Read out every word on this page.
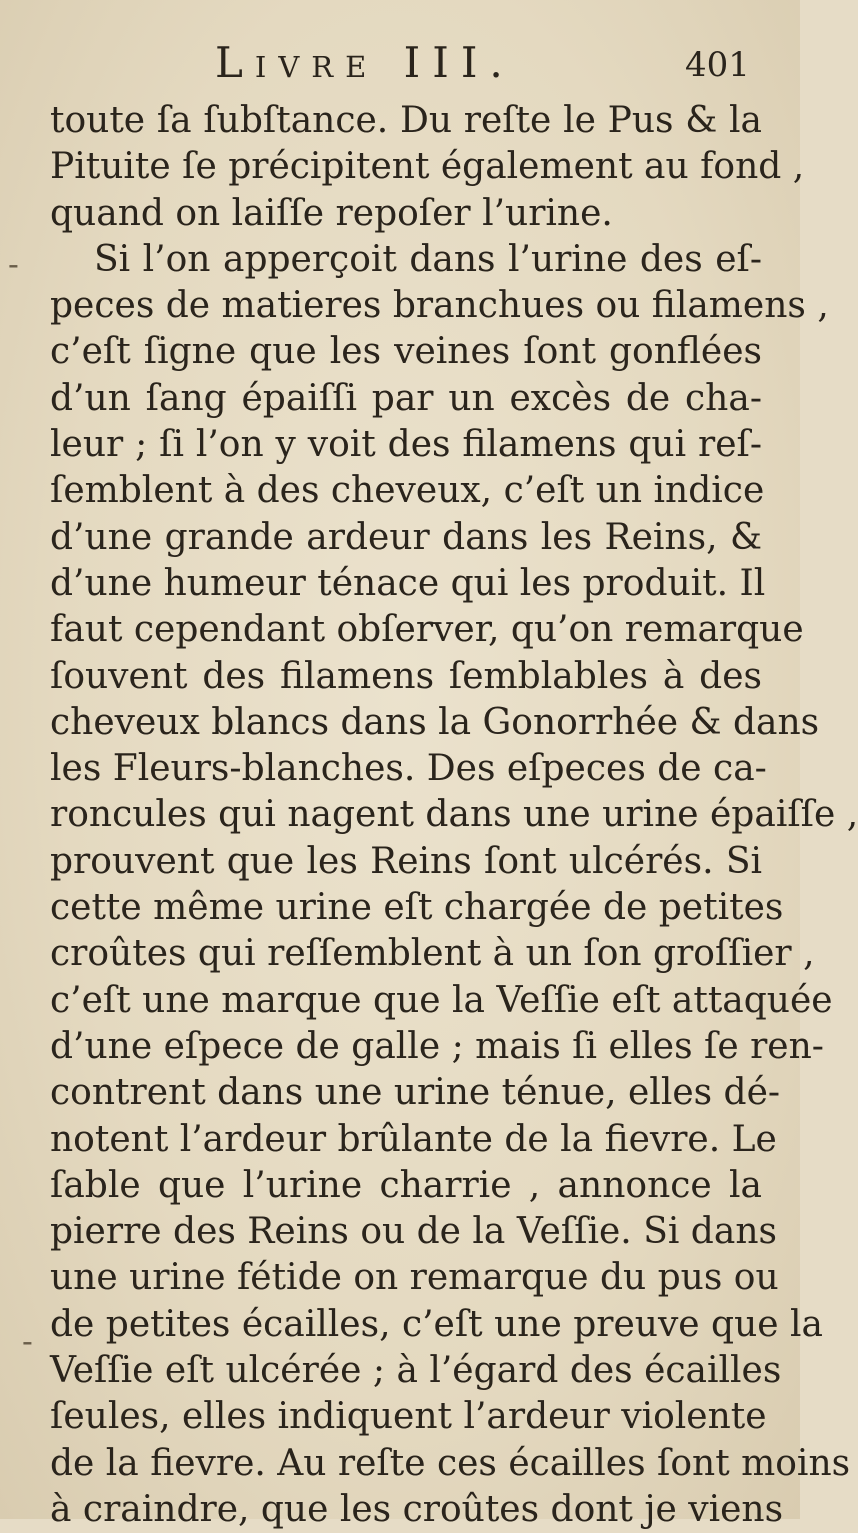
Livre III.	401
-
-
toute ſa ſubſtance. Du reſte le Pus & la
Pituite ſe précipitent également au fond ,
quand on laiſſe repoſer l’urine.
Si l’on apperçoit dans l’urine des eſ-
peces de matieres branchues ou filamens ,
c’eſt ſigne que les veines ſont gonflées
d’un ſang épaiſſi par un excès de cha-
leur ; ſi l’on y voit des filamens qui reſ-
ſemblent à des cheveux, c’eſt un indice
d’une grande ardeur dans les Reins, &
d’une humeur ténace qui les produit. Il
faut cependant obſerver, qu’on remarque
ſouvent des filamens ſemblables à des
cheveux blancs dans la Gonorrhée & dans
les Fleurs-blanches. Des eſpeces de ca-
roncules qui nagent dans une urine épaiſſe ,
prouvent que les Reins ſont ulcérés. Si
cette même urine eſt chargée de petites
croûtes qui reſſemblent à un ſon groſſier ,
c’eſt une marque que la Veſſie eſt attaquée
d’une eſpece de galle ; mais ſi elles ſe ren-
contrent dans une urine ténue, elles dé-
notent l’ardeur brûlante de la fievre. Le
ſable que l’urine charrie , annonce la
pierre des Reins ou de la Veſſie. Si dans
une urine fétide on remarque du pus ou
de petites écailles, c’eſt une preuve que la
Veſſie eſt ulcérée ; à l’égard des écailles
ſeules, elles indiquent l’ardeur violente
de la fievre. Au reſte ces écailles ſont moins
à craindre, que les croûtes dont je viens
